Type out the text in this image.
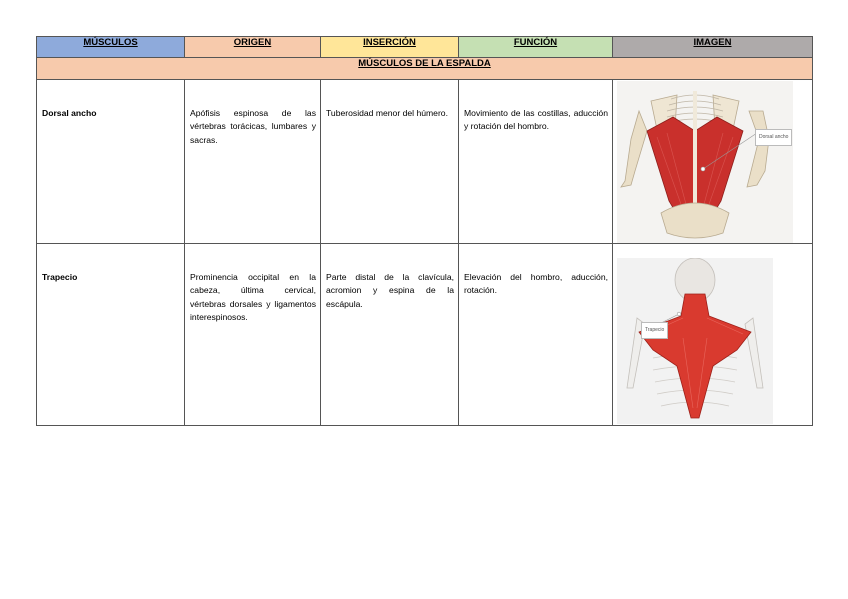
MÚSCULOS	ORIGEN	INSERCIÓN	FUNCIÓN	IMAGEN
MÚSCULOS DE LA ESPALDA				

Dorsal ancho	Apófisis espinosa de las vértebras torácicas, lumbares y sacras.	Tuberosidad menor del húmero.	Movimiento de las costillas, aducción y rotación del hombro.	Dorsal ancho

Trapecio	Prominencia occipital en la cabeza, última cervical, vértebras dorsales y ligamentos interespinosos.	Parte distal de la clavícula, acromion y espina de la escápula.	Elevación del hombro, aducción, rotación.	Trapecio
